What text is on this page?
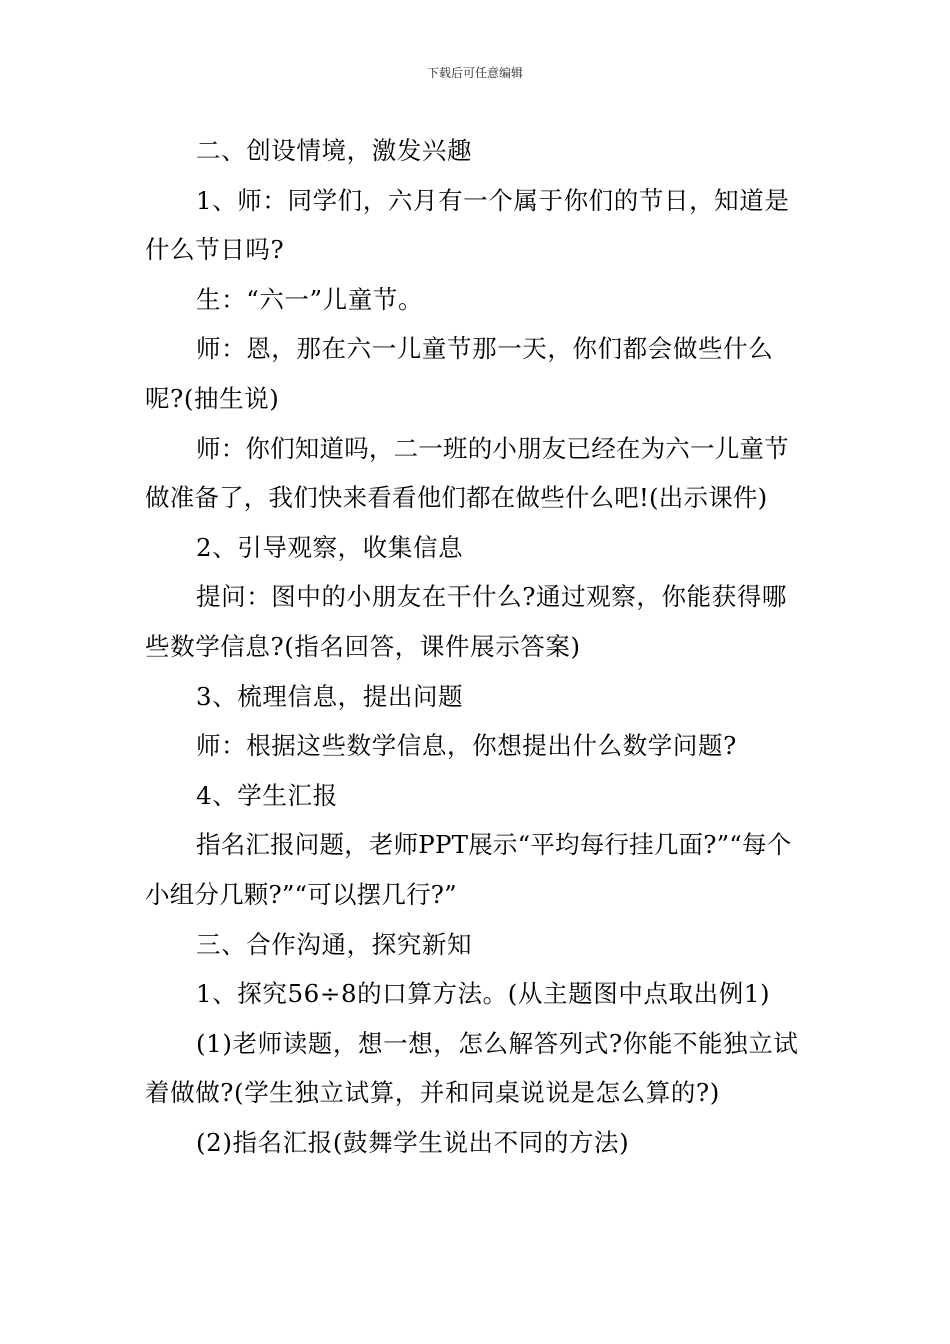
下载后可任意编辑

二、创设情境，激发兴趣

1、师：同学们，六月有一个属于你们的节日，知道是什么节日吗?

生：“六一”儿童节。

师：恩，那在六一儿童节那一天，你们都会做些什么呢?(抽生说)

师：你们知道吗，二一班的小朋友已经在为六一儿童节做准备了，我们快来看看他们都在做些什么吧!(出示课件)

2、引导观察，收集信息

提问：图中的小朋友在干什么?通过观察，你能获得哪些数学信息?(指名回答，课件展示答案)

3、梳理信息，提出问题

师：根据这些数学信息，你想提出什么数学问题?

4、学生汇报

指名汇报问题，老师PPT展示“平均每行挂几面?”“每个小组分几颗?”“可以摆几行?”

三、合作沟通，探究新知

1、探究56÷8的口算方法。(从主题图中点取出例1)

(1)老师读题，想一想，怎么解答列式?你能不能独立试着做做?(学生独立试算，并和同桌说说是怎么算的?)

(2)指名汇报(鼓舞学生说出不同的方法)
